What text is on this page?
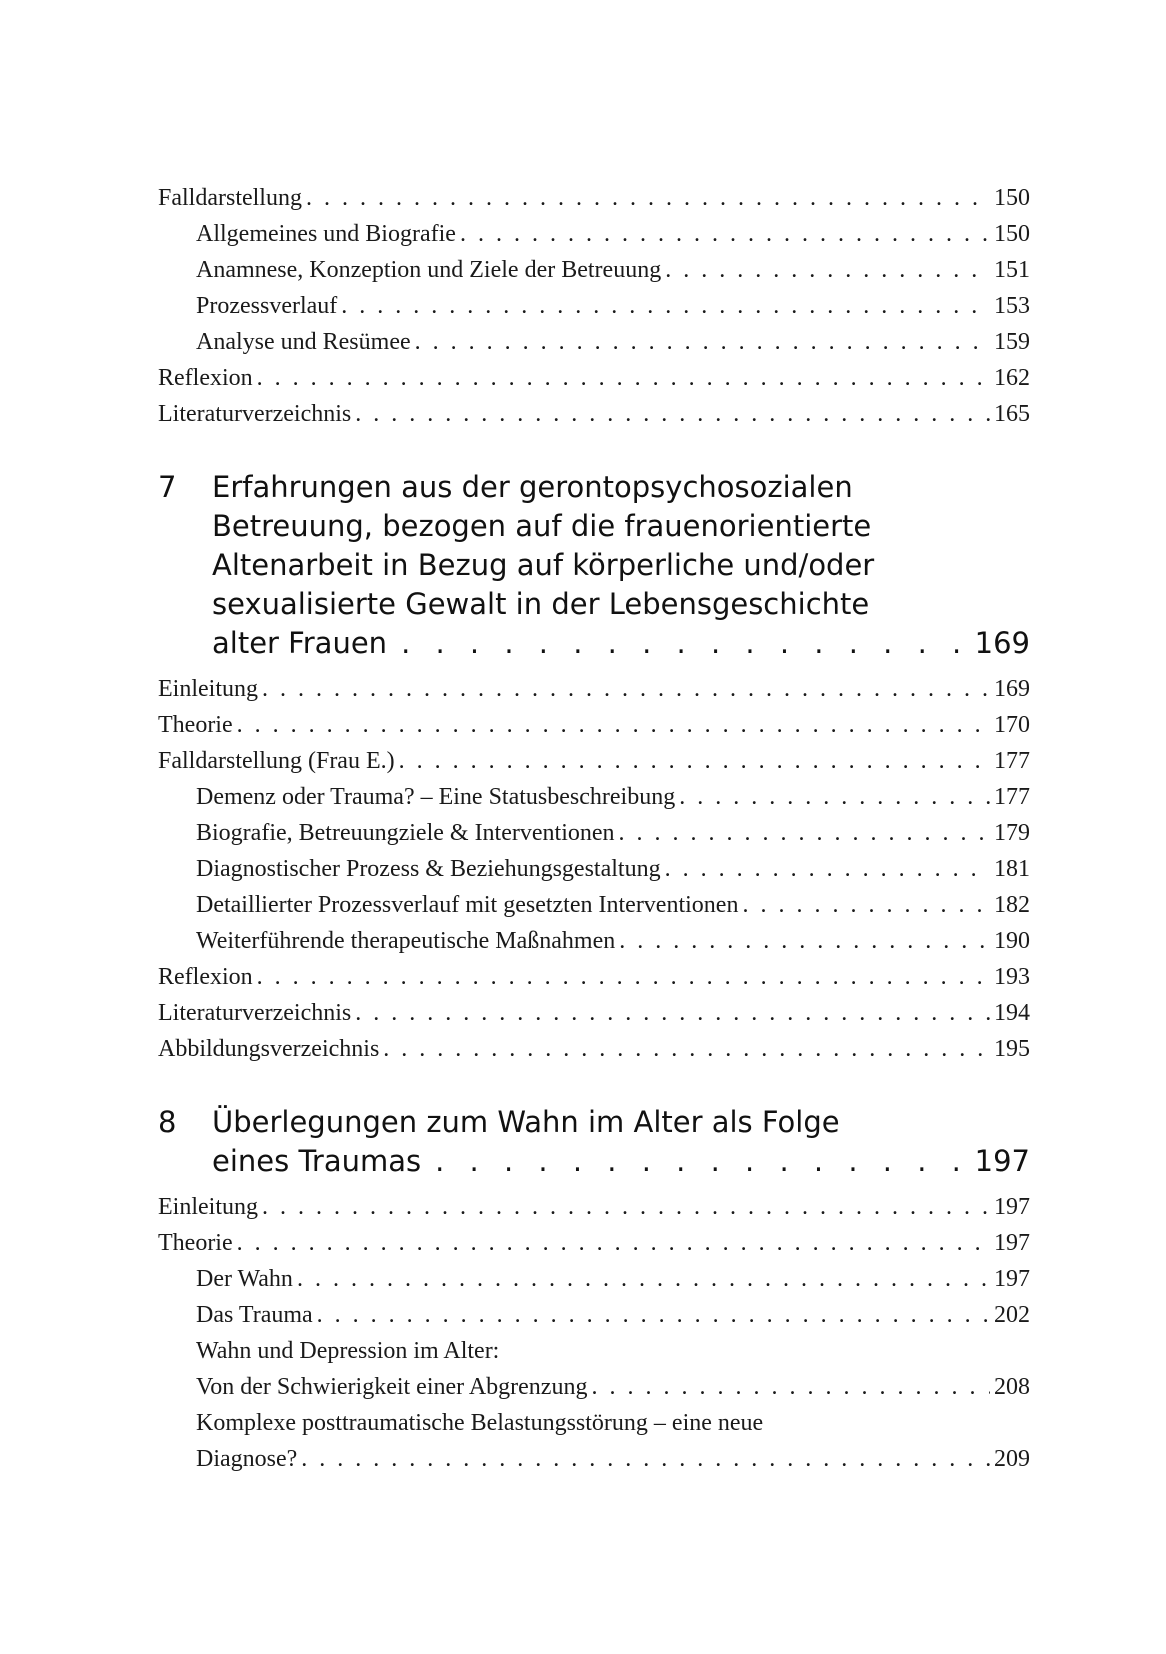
Falldarstellung . . .	150
Allgemeines und Biografie . . .	150
Anamnese, Konzeption und Ziele der Betreuung . . .	151
Prozessverlauf . . .	153
Analyse und Resümee . . .	159
Reflexion . . .	162
Literaturverzeichnis . . .	165
7 Erfahrungen aus der gerontopsychosozialen
Betreuung, bezogen auf die frauenorientierte
Altenarbeit in Bezug auf körperliche und/oder
sexualisierte Gewalt in der Lebensgeschichte
alter Frauen . . .	169
Einleitung . . .	169
Theorie . . .	170
Falldarstellung (Frau E.) . . .	177
Demenz oder Trauma? – Eine Statusbeschreibung . . .	177
Biografie, Betreuungziele & Interventionen . . .	179
Diagnostischer Prozess & Beziehungsgestaltung . . .	181
Detaillierter Prozessverlauf mit gesetzten Interventionen . . .	182
Weiterführende therapeutische Maßnahmen . . .	190
Reflexion . . .	193
Literaturverzeichnis . . .	194
Abbildungsverzeichnis . . .	195
8 Überlegungen zum Wahn im Alter als Folge
eines Traumas . . .	197
Einleitung . . .	197
Theorie . . .	197
Der Wahn . . .	197
Das Trauma . . .	202
Wahn und Depression im Alter:
Von der Schwierigkeit einer Abgrenzung . . .	208
Komplexe posttraumatische Belastungsstörung – eine neue
Diagnose? . . .	209
